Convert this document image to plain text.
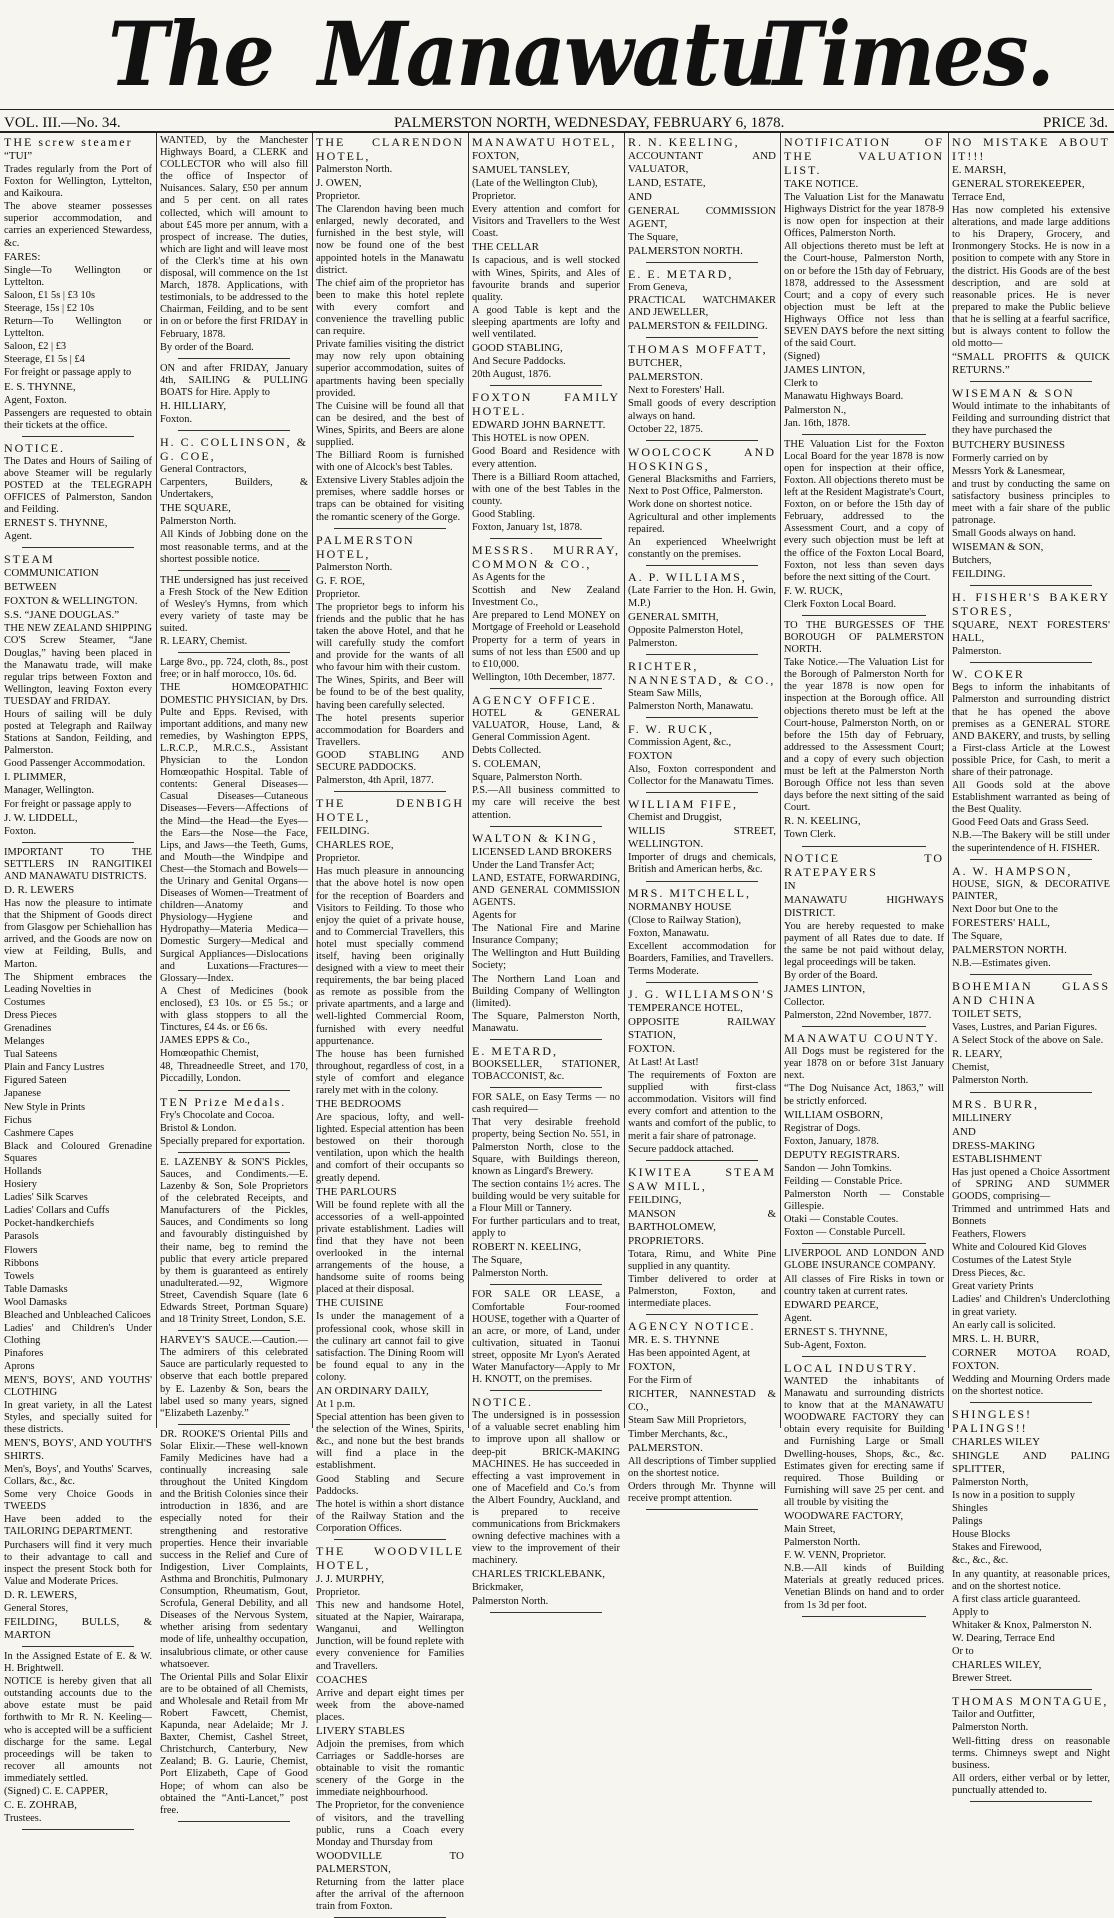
The Manawatu
Times.
VOL. III.—No. 34.	PALMERSTON NORTH, WEDNESDAY, FEBRUARY 6, 1878.	PRICE 3d.

THE screw steamer

“TUI”

Trades regularly from the Port of Foxton for Wellington, Lyttelton, and Kaikoura.

The above steamer possesses superior accommodation, and carries an experienced Stewardess, &c.

FARES:

Single—To Wellington or Lyttelton.

Saloon, £1 5s | £3 10s

Steerage, 15s | £2 10s

Return—To Wellington or Lyttelton.

Saloon, £2 | £3

Steerage, £1 5s | £4

For freight or passage apply to

E. S. THYNNE,

Agent, Foxton.

Passengers are requested to obtain their tickets at the office.

NOTICE.

The Dates and Hours of Sailing of above Steamer will be regularly POSTED at the TELEGRAPH OFFICES of Palmerston, Sandon and Feilding.

ERNEST S. THYNNE,

Agent.

STEAM

COMMUNICATION

BETWEEN

FOXTON & WELLINGTON.

S.S. “JANE DOUGLAS.”

THE NEW ZEALAND SHIPPING CO'S Screw Steamer, “Jane Douglas,” having been placed in the Manawatu trade, will make regular trips between Foxton and Wellington, leaving Foxton every TUESDAY and FRIDAY.

Hours of sailing will be duly posted at Telegraph and Railway Stations at Sandon, Feilding, and Palmerston.

Good Passenger Accommodation.

I. PLIMMER,

Manager, Wellington.

For freight or passage apply to

J. W. LIDDELL,

Foxton.

IMPORTANT TO THE SETTLERS IN RANGITIKEI AND MANAWATU DISTRICTS.

D. R. LEWERS

Has now the pleasure to intimate that the Shipment of Goods direct from Glasgow per Schiehallion has arrived, and the Goods are now on view at Feilding, Bulls, and Marton.

The Shipment embraces the Leading Novelties in

Costumes

Dress Pieces

Grenadines

Melanges

Tual Sateens

Plain and Fancy Lustres

Figured Sateen

Japanese

New Style in Prints

Fichus

Cashmere Capes

Black and Coloured Grenadine Squares

Hollands

Hosiery

Ladies' Silk Scarves

Ladies' Collars and Cuffs

Pocket-handkerchiefs

Parasols

Flowers

Ribbons

Towels

Table Damasks

Wool Damasks

Bleached and Unbleached Calicoes

Ladies' and Children's Under Clothing

Pinafores

Aprons

MEN'S, BOYS', AND YOUTHS' CLOTHING

In great variety, in all the Latest Styles, and specially suited for these districts.

MEN'S, BOYS', AND YOUTH'S SHIRTS.

Men's, Boys', and Youths' Scarves, Collars, &c., &c.

Some very Choice Goods in TWEEDS

Have been added to the TAILORING DEPARTMENT.

Purchasers will find it very much to their advantage to call and inspect the present Stock both for Value and Moderate Prices.

D. R. LEWERS,

General Stores,

FEILDING, BULLS, & MARTON

In the Assigned Estate of E. & W. H. Brightwell.

NOTICE is hereby given that all outstanding accounts due to the above estate must be paid forthwith to Mr R. N. Keeling—who is accepted will be a sufficient discharge for the same. Legal proceedings will be taken to recover all amounts not immediately settled.

(Signed) C. E. CAPPER,

C. E. ZOHRAB,

Trustees.

WANTED, by the Manchester Highways Board, a CLERK and COLLECTOR who will also fill the office of Inspector of Nuisances. Salary, £50 per annum and 5 per cent. on all rates collected, which will amount to about £45 more per annum, with a prospect of increase. The duties, which are light and will leave most of the Clerk's time at his own disposal, will commence on the 1st March, 1878. Applications, with testimonials, to be addressed to the Chairman, Feilding, and to be sent in on or before the first FRIDAY in February, 1878.

By order of the Board.

ON and after FRIDAY, January 4th, SAILING & PULLING BOATS for Hire. Apply to

H. HILLIARY,

Foxton.

H. C. COLLINSON, & G. COE,

General Contractors,

Carpenters, Builders, & Undertakers,

THE SQUARE,

Palmerston North.

All Kinds of Jobbing done on the most reasonable terms, and at the shortest possible notice.

THE undersigned has just received a Fresh Stock of the New Edition of Wesley's Hymns, from which every variety of taste may be suited.

R. LEARY, Chemist.

Large 8vo., pp. 724, cloth, 8s., post free; or in half morocco, 10s. 6d.

THE HOMŒOPATHIC DOMESTIC PHYSICIAN, by Drs. Pulte and Epps. Revised, with important additions, and many new remedies, by Washington EPPS, L.R.C.P., M.R.C.S., Assistant Physician to the London Homœopathic Hospital. Table of contents: General Diseases—Casual Diseases—Cutaneous Diseases—Fevers—Affections of the Mind—the Head—the Eyes—the Ears—the Nose—the Face, Lips, and Jaws—the Teeth, Gums, and Mouth—the Windpipe and Chest—the Stomach and Bowels—the Urinary and Genital Organs—Diseases of Women—Treatment of children—Anatomy and Physiology—Hygiene and Hydropathy—Materia Medica—Domestic Surgery—Medical and Surgical Appliances—Dislocations and Luxations—Fractures—Glossary—Index.

A Chest of Medicines (book enclosed), £3 10s. or £5 5s.; or with glass stoppers to all the Tinctures, £4 4s. or £6 6s.

JAMES EPPS & Co.,

Homœopathic Chemist,

48, Threadneedle Street, and 170, Piccadilly, London.

TEN Prize Medals.

Fry's Chocolate and Cocoa.

Bristol & London.

Specially prepared for exportation.

E. LAZENBY & SON'S Pickles, Sauces, and Condiments.—E. Lazenby & Son, Sole Proprietors of the celebrated Receipts, and Manufacturers of the Pickles, Sauces, and Condiments so long and favourably distinguished by their name, beg to remind the public that every article prepared by them is guaranteed as entirely unadulterated.—92, Wigmore Street, Cavendish Square (late 6 Edwards Street, Portman Square) and 18 Trinity Street, London, S.E.

HARVEY'S SAUCE.—Caution.—The admirers of this celebrated Sauce are particularly requested to observe that each bottle prepared by E. Lazenby & Son, bears the label used so many years, signed “Elizabeth Lazenby.”

DR. ROOKE'S Oriental Pills and Solar Elixir.—These well-known Family Medicines have had a continually increasing sale throughout the United Kingdom and the British Colonies since their introduction in 1836, and are especially noted for their strengthening and restorative properties. Hence their invariable success in the Relief and Cure of Indigestion, Liver Complaints, Asthma and Bronchitis, Pulmonary Consumption, Rheumatism, Gout, Scrofula, General Debility, and all Diseases of the Nervous System, whether arising from sedentary mode of life, unhealthy occupation, insalubrious climate, or other cause whatsoever.

The Oriental Pills and Solar Elixir are to be obtained of all Chemists, and Wholesale and Retail from Mr Robert Fawcett, Chemist, Kapunda, near Adelaide; Mr J. Baxter, Chemist, Cashel Street, Christchurch, Canterbury, New Zealand; B. G. Laurie, Chemist, Port Elizabeth, Cape of Good Hope; of whom can also be obtained the “Anti-Lancet,” post free.

THE CLARENDON HOTEL,

Palmerston North.

J. OWEN,

Proprietor.

The Clarendon having been much enlarged, newly decorated, and furnished in the best style, will now be found one of the best appointed hotels in the Manawatu district.

The chief aim of the proprietor has been to make this hotel replete with every comfort and convenience the travelling public can require.

Private families visiting the district may now rely upon obtaining superior accommodation, suites of apartments having been specially provided.

The Cuisine will be found all that can be desired, and the best of Wines, Spirits, and Beers are alone supplied.

The Billiard Room is furnished with one of Alcock's best Tables.

Extensive Livery Stables adjoin the premises, where saddle horses or traps can be obtained for visiting the romantic scenery of the Gorge.

PALMERSTON HOTEL,

Palmerston North.

G. F. ROE,

Proprietor.

The proprietor begs to inform his friends and the public that he has taken the above Hotel, and that he will carefully study the comfort and provide for the wants of all who favour him with their custom.

The Wines, Spirits, and Beer will be found to be of the best quality, having been carefully selected.

The hotel presents superior accommodation for Boarders and Travellers.

GOOD STABLING AND SECURE PADDOCKS.

Palmerston, 4th April, 1877.

THE DENBIGH HOTEL,

FEILDING.

CHARLES ROE,

Proprietor.

Has much pleasure in announcing that the above hotel is now open for the reception of Boarders and Visitors to Feilding. To those who enjoy the quiet of a private house, and to Commercial Travellers, this hotel must specially commend itself, having been originally designed with a view to meet their requirements, the bar being placed as remote as possible from the private apartments, and a large and well-lighted Commercial Room, furnished with every needful appurtenance.

The house has been furnished throughout, regardless of cost, in a style of comfort and elegance rarely met with in the colony.

THE BEDROOMS

Are spacious, lofty, and well-lighted. Especial attention has been bestowed on their thorough ventilation, upon which the health and comfort of their occupants so greatly depend.

THE PARLOURS

Will be found replete with all the accessories of a well-appointed private establishment. Ladies will find that they have not been overlooked in the internal arrangements of the house, a handsome suite of rooms being placed at their disposal.

THE CUISINE

Is under the management of a professional cook, whose skill in the culinary art cannot fail to give satisfaction. The Dining Room will be found equal to any in the colony.

AN ORDINARY DAILY,

At 1 p.m.

Special attention has been given to the selection of the Wines, Spirits, &c., and none but the best brands will find a place in the establishment.

Good Stabling and Secure Paddocks.

The hotel is within a short distance of the Railway Station and the Corporation Offices.

THE WOODVILLE HOTEL,

J. J. MURPHY,

Proprietor.

This new and handsome Hotel, situated at the Napier, Wairarapa, Wanganui, and Wellington Junction, will be found replete with every convenience for Families and Travellers.

COACHES

Arrive and depart eight times per week from the above-named places.

LIVERY STABLES

Adjoin the premises, from which Carriages or Saddle-horses are obtainable to visit the romantic scenery of the Gorge in the immediate neighbourhood.

The Proprietor, for the convenience of visitors, and the travelling public, runs a Coach every Monday and Thursday from

WOODVILLE TO PALMERSTON,

Returning from the latter place after the arrival of the afternoon train from Foxton.

MANAWATU HOTEL,

FOXTON,

SAMUEL TANSLEY,

(Late of the Wellington Club),

Proprietor.

Every attention and comfort for Visitors and Travellers to the West Coast.

THE CELLAR

Is capacious, and is well stocked with Wines, Spirits, and Ales of favourite brands and superior quality.

A good Table is kept and the sleeping apartments are lofty and well ventilated.

GOOD STABLING,

And Secure Paddocks.

20th August, 1876.

FOXTON FAMILY HOTEL.

EDWARD JOHN BARNETT.

This HOTEL is now OPEN.

Good Board and Residence with every attention.

There is a Billiard Room attached, with one of the best Tables in the county.

Good Stabling.

Foxton, January 1st, 1878.

MESSRS. MURRAY, COMMON & CO.,

As Agents for the

Scottish and New Zealand Investment Co.,

Are prepared to Lend MONEY on Mortgage of Freehold or Leasehold Property for a term of years in sums of not less than £500 and up to £10,000.

Wellington, 10th December, 1877.

AGENCY OFFICE.

HOTEL & GENERAL VALUATOR, House, Land, & General Commission Agent.

Debts Collected.

S. COLEMAN,

Square, Palmerston North.

P.S.—All business committed to my care will receive the best attention.

WALTON & KING,

LICENSED LAND BROKERS

Under the Land Transfer Act;

LAND, ESTATE, FORWARDING, AND GENERAL COMMISSION AGENTS.

Agents for

The National Fire and Marine Insurance Company;

The Wellington and Hutt Building Society;

The Northern Land Loan and Building Company of Wellington (limited).

The Square, Palmerston North, Manawatu.

E. METARD,

BOOKSELLER, STATIONER, TOBACCONIST, &c.

FOR SALE, on Easy Terms — no cash required—

That very desirable freehold property, being Section No. 551, in Palmerston North, close to the Square, with Buildings thereon, known as Lingard's Brewery.

The section contains 1½ acres. The building would be very suitable for a Flour Mill or Tannery.

For further particulars and to treat, apply to

ROBERT N. KEELING,

The Square,

Palmerston North.

FOR SALE OR LEASE, a Comfortable Four-roomed HOUSE, together with a Quarter of an acre, or more, of Land, under cultivation, situated in Taonui street, opposite Mr Lyon's Aerated Water Manufactory—Apply to Mr H. KNOTT, on the premises.

NOTICE.

The undersigned is in possession of a valuable secret enabling him to improve upon all shallow or deep-pit BRICK-MAKING MACHINES. He has succeeded in effecting a vast improvement in one of Macefield and Co.'s from the Albert Foundry, Auckland, and is prepared to receive communications from Brickmakers owning defective machines with a view to the improvement of their machinery.

CHARLES TRICKLEBANK,

Brickmaker,

Palmerston North.

R. N. KEELING,

ACCOUNTANT AND VALUATOR,

LAND, ESTATE,

AND

GENERAL COMMISSION AGENT,

The Square,

PALMERSTON NORTH.

E. E. METARD,

From Geneva,

PRACTICAL WATCHMAKER AND JEWELLER,

PALMERSTON & FEILDING.

THOMAS MOFFATT,

BUTCHER,

PALMERSTON.

Next to Foresters' Hall.

Small goods of every description always on hand.

October 22, 1875.

WOOLCOCK AND HOSKINGS,

General Blacksmiths and Farriers, Next to Post Office, Palmerston.

Work done on shortest notice.

Agricultural and other implements repaired.

An experienced Wheelwright constantly on the premises.

A. P. WILLIAMS,

(Late Farrier to the Hon. H. Gwin, M.P.)

GENERAL SMITH,

Opposite Palmerston Hotel,

Palmerston.

RICHTER, NANNESTAD, & CO.,

Steam Saw Mills,

Palmerston North, Manawatu.

F. W. RUCK,

Commission Agent, &c.,

FOXTON

Also, Foxton correspondent and Collector for the Manawatu Times.

WILLIAM FIFE,

Chemist and Druggist,

WILLIS STREET, WELLINGTON.

Importer of drugs and chemicals, British and American herbs, &c.

MRS. MITCHELL,

NORMANBY HOUSE

(Close to Railway Station),

Foxton, Manawatu.

Excellent accommodation for Boarders, Families, and Travellers.

Terms Moderate.

J. G. WILLIAMSON'S

TEMPERANCE HOTEL,

OPPOSITE RAILWAY STATION,

FOXTON.

At Last! At Last!

The requirements of Foxton are supplied with first-class accommodation. Visitors will find every comfort and attention to the wants and comfort of the public, to merit a fair share of patronage.

Secure paddock attached.

KIWITEA STEAM SAW MILL,

FEILDING,

MANSON & BARTHOLOMEW,

PROPRIETORS.

Totara, Rimu, and White Pine supplied in any quantity.

Timber delivered to order at Palmerston, Foxton, and intermediate places.

AGENCY NOTICE.

MR. E. S. THYNNE

Has been appointed Agent, at

FOXTON,

For the Firm of

RICHTER, NANNESTAD & CO.,

Steam Saw Mill Proprietors,

Timber Merchants, &c.,

PALMERSTON.

All descriptions of Timber supplied on the shortest notice.

Orders through Mr. Thynne will receive prompt attention.

NOTIFICATION OF THE VALUATION LIST.

TAKE NOTICE.

The Valuation List for the Manawatu Highways District for the year 1878-9 is now open for inspection at their Offices, Palmerston North.

All objections thereto must be left at the Court-house, Palmerston North, on or before the 15th day of February, 1878, addressed to the Assessment Court; and a copy of every such objection must be left at the Highways Office not less than SEVEN DAYS before the next sitting of the said Court.

(Signed)

JAMES LINTON,

Clerk to

Manawatu Highways Board.

Palmerston N.,

Jan. 16th, 1878.

THE Valuation List for the Foxton Local Board for the year 1878 is now open for inspection at their office, Foxton. All objections thereto must be left at the Resident Magistrate's Court, Foxton, on or before the 15th day of February, addressed to the Assessment Court, and a copy of every such objection must be left at the office of the Foxton Local Board, Foxton, not less than seven days before the next sitting of the Court.

F. W. RUCK,

Clerk Foxton Local Board.

TO THE BURGESSES OF THE BOROUGH OF PALMERSTON NORTH.

Take Notice.—The Valuation List for the Borough of Palmerston North for the year 1878 is now open for inspection at the Borough office. All objections thereto must be left at the Court-house, Palmerston North, on or before the 15th day of February, addressed to the Assessment Court; and a copy of every such objection must be left at the Palmerston North Borough Office not less than seven days before the next sitting of the said Court.

R. N. KEELING,

Town Clerk.

NOTICE TO RATEPAYERS

IN

MANAWATU HIGHWAYS DISTRICT.

You are hereby requested to make payment of all Rates due to date. If the same be not paid without delay, legal proceedings will be taken.

By order of the Board.

JAMES LINTON,

Collector.

Palmerston, 22nd November, 1877.

MANAWATU COUNTY.

All Dogs must be registered for the year 1878 on or before 31st January next.

“The Dog Nuisance Act, 1863,” will be strictly enforced.

WILLIAM OSBORN,

Registrar of Dogs.

Foxton, January, 1878.

DEPUTY REGISTRARS.

Sandon — John Tomkins.

Feilding — Constable Price.

Palmerston North — Constable Gillespie.

Otaki — Constable Coutes.

Foxton — Constable Purcell.

LIVERPOOL AND LONDON AND GLOBE INSURANCE COMPANY.

All classes of Fire Risks in town or country taken at current rates.

EDWARD PEARCE,

Agent.

ERNEST S. THYNNE,

Sub-Agent, Foxton.

LOCAL INDUSTRY.

WANTED the inhabitants of Manawatu and surrounding districts to know that at the MANAWATU WOODWARE FACTORY they can obtain every requisite for Building and Furnishing Large or Small Dwelling-houses, Shops, &c., &c. Estimates given for erecting same if required. Those Building or Furnishing will save 25 per cent. and all trouble by visiting the

WOODWARE FACTORY,

Main Street,

Palmerston North.

F. W. VENN, Proprietor.

N.B.—All kinds of Building Materials at greatly reduced prices. Venetian Blinds on hand and to order from 1s 3d per foot.

NO MISTAKE ABOUT IT!!!

E. MARSH,

GENERAL STOREKEEPER,

Terrace End,

Has now completed his extensive alterations, and made large additions to his Drapery, Grocery, and Ironmongery Stocks. He is now in a position to compete with any Store in the district. His Goods are of the best description, and are sold at reasonable prices. He is never prepared to make the Public believe that he is selling at a fearful sacrifice, but is always content to follow the old motto—

“SMALL PROFITS & QUICK RETURNS.”

WISEMAN & SON

Would intimate to the inhabitants of Feilding and surrounding district that they have purchased the

BUTCHERY BUSINESS

Formerly carried on by

Messrs York & Lanesmear,

and trust by conducting the same on satisfactory business principles to meet with a fair share of the public patronage.

Small Goods always on hand.

WISEMAN & SON,

Butchers,

FEILDING.

H. FISHER'S BAKERY STORES,

SQUARE, NEXT FORESTERS' HALL,

Palmerston.

W. COKER

Begs to inform the inhabitants of Palmerston and surrounding district that he has opened the above premises as a GENERAL STORE AND BAKERY, and trusts, by selling a First-class Article at the Lowest possible Price, for Cash, to merit a share of their patronage.

All Goods sold at the above Establishment warranted as being of the Best Quality.

Good Feed Oats and Grass Seed.

N.B.—The Bakery will be still under the superintendence of H. FISHER.

A. W. HAMPSON,

HOUSE, SIGN, & DECORATIVE PAINTER,

Next Door but One to the

FORESTERS' HALL,

The Square,

PALMERSTON NORTH.

N.B.—Estimates given.

BOHEMIAN GLASS AND CHINA

TOILET SETS,

Vases, Lustres, and Parian Figures.

A Select Stock of the above on Sale.

R. LEARY,

Chemist,

Palmerston North.

MRS. BURR,

MILLINERY

AND

DRESS-MAKING ESTABLISHMENT

Has just opened a Choice Assortment of SPRING AND SUMMER GOODS, comprising—

Trimmed and untrimmed Hats and Bonnets

Feathers, Flowers

White and Coloured Kid Gloves

Costumes of the Latest Style

Dress Pieces, &c.

Great variety Prints

Ladies' and Children's Underclothing in great variety.

An early call is solicited.

MRS. L. H. BURR,

CORNER MOTOA ROAD, FOXTON.

Wedding and Mourning Orders made on the shortest notice.

SHINGLES! PALINGS!!

CHARLES WILEY

SHINGLE AND PALING SPLITTER,

Palmerston North,

Is now in a position to supply

Shingles

Palings

House Blocks

Stakes and Firewood,

&c., &c., &c.

In any quantity, at reasonable prices, and on the shortest notice.

A first class article guaranteed.

Apply to

Whitaker & Knox, Palmerston N.

W. Dearing, Terrace End

Or to

CHARLES WILEY,

Brewer Street.

THOMAS MONTAGUE,

Tailor and Outfitter,

Palmerston North.

Well-fitting dress on reasonable terms. Chimneys swept and Night business.

All orders, either verbal or by letter, punctually attended to.
